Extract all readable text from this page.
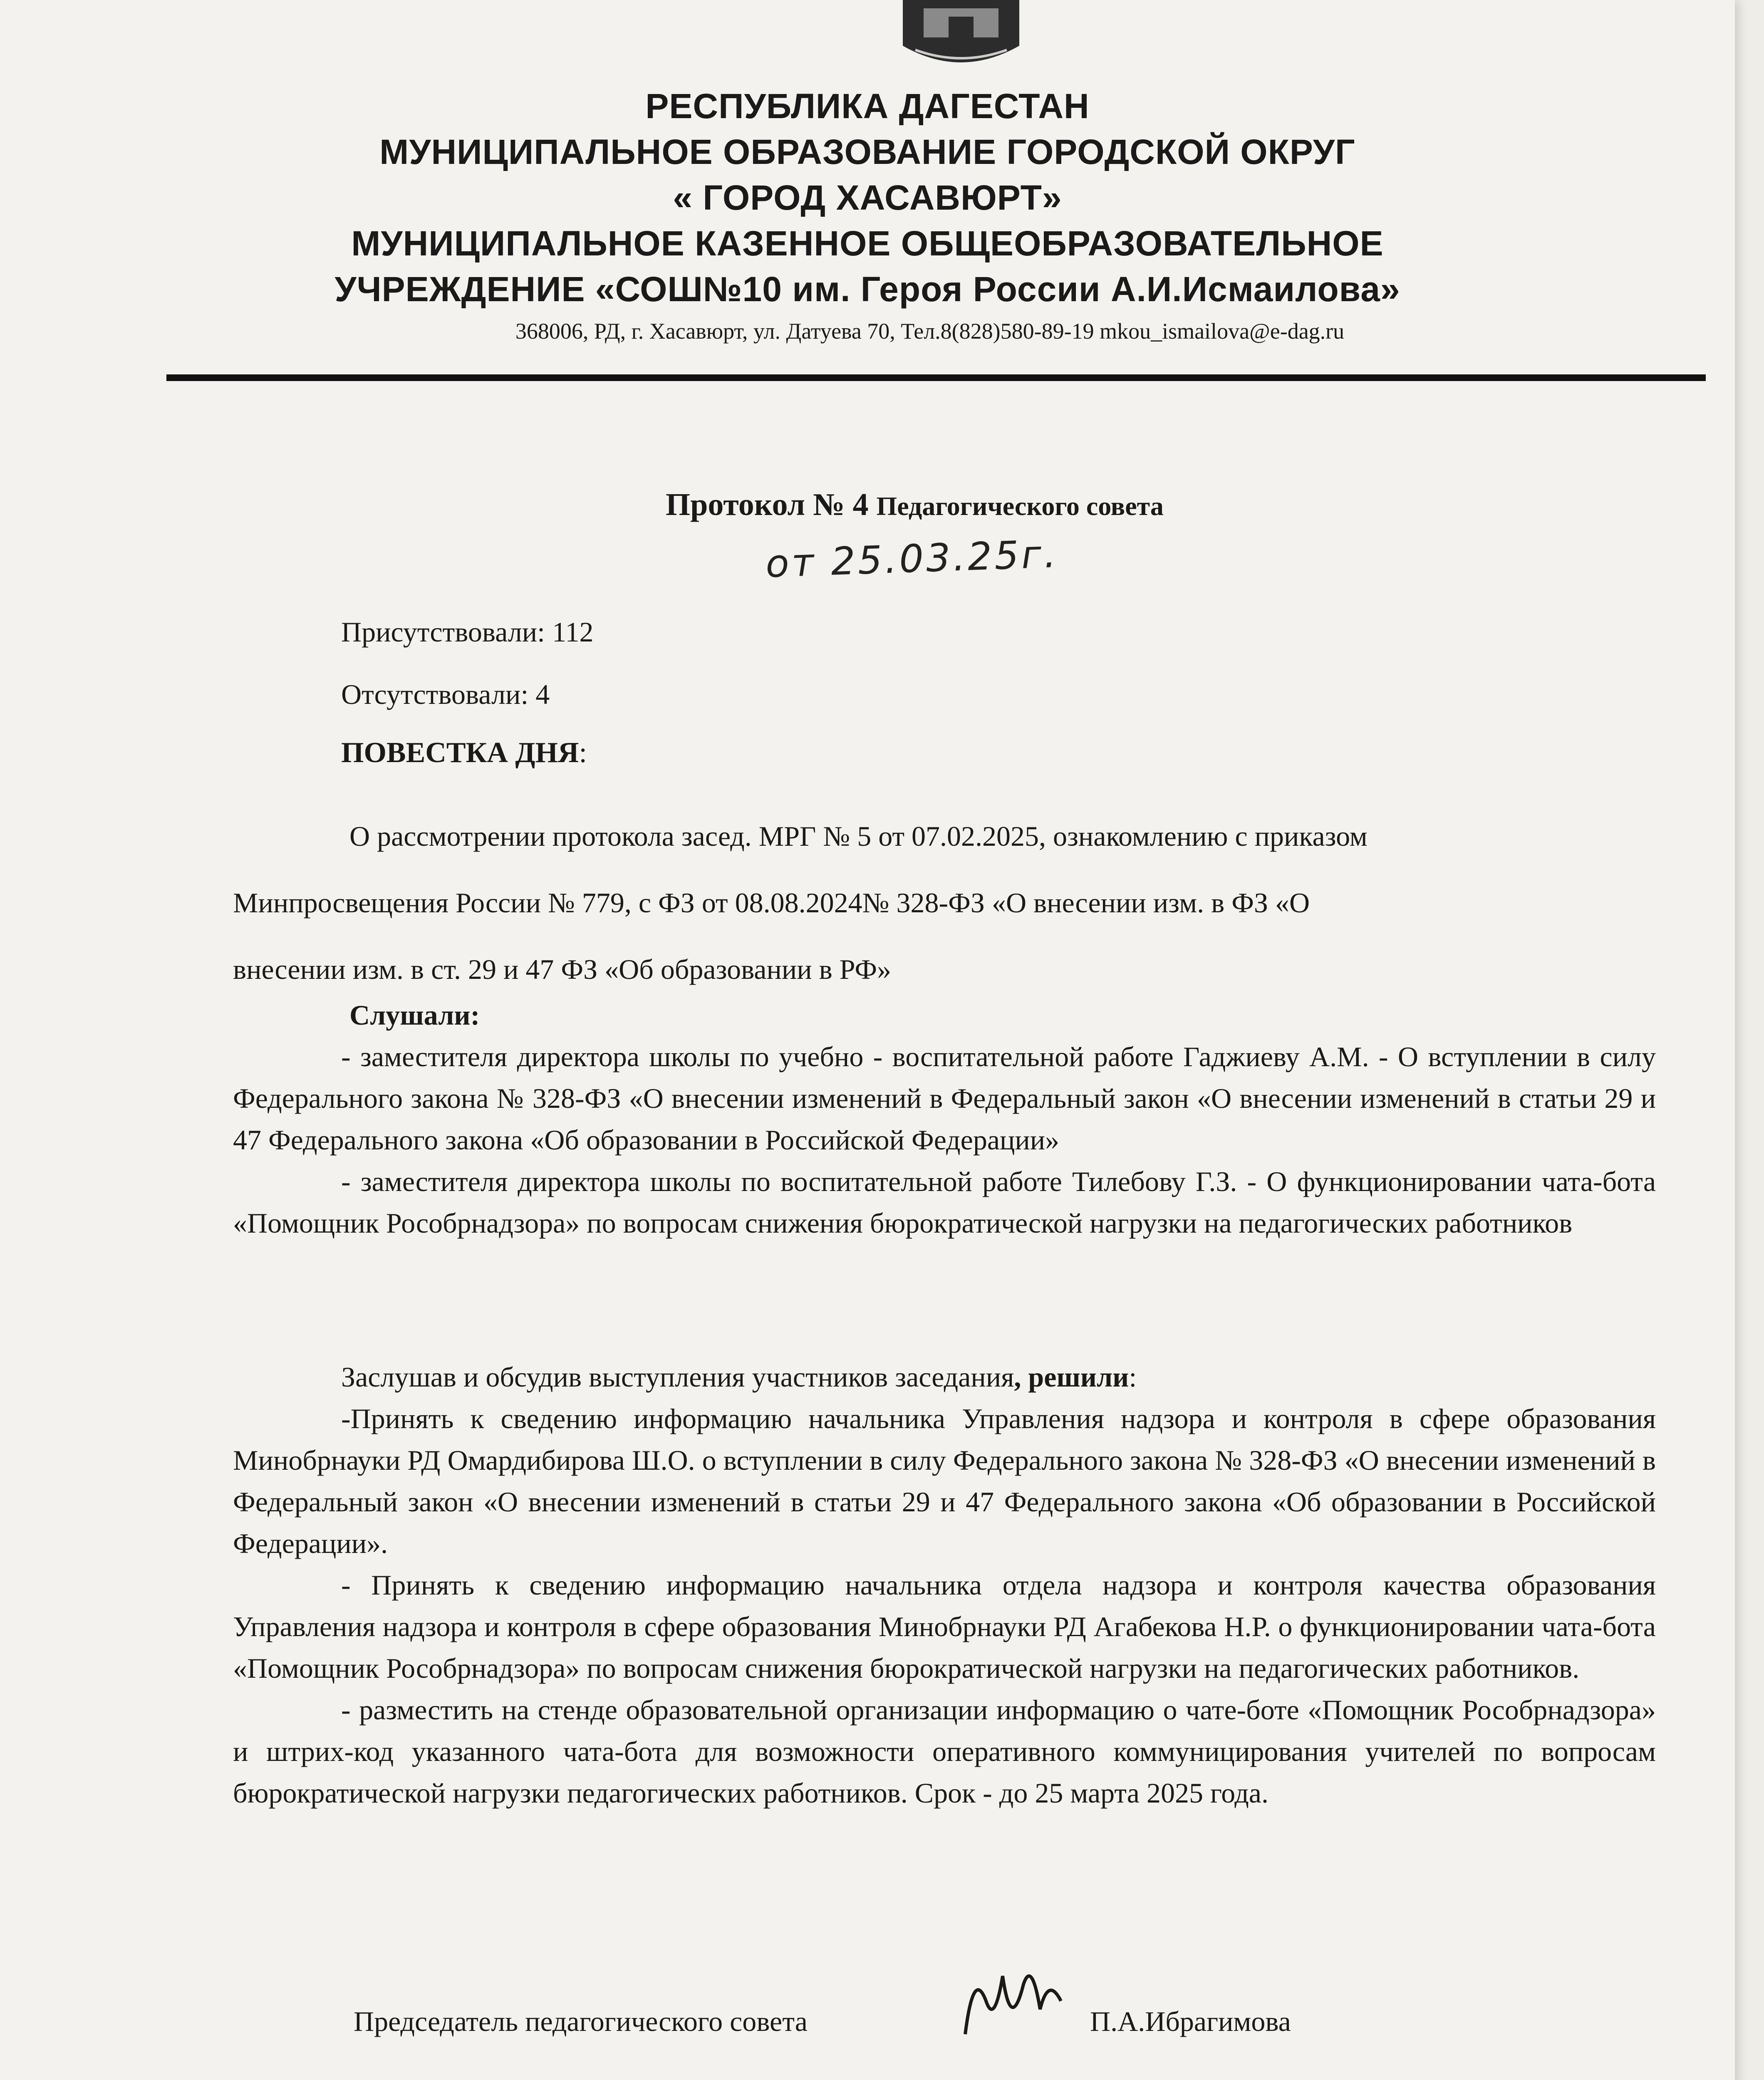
РЕСПУБЛИКА ДАГЕСТАН
МУНИЦИПАЛЬНОЕ ОБРАЗОВАНИЕ ГОРОДСКОЙ ОКРУГ
« ГОРОД ХАСАВЮРТ»
МУНИЦИПАЛЬНОЕ КАЗЕННОЕ ОБЩЕОБРАЗОВАТЕЛЬНОЕ
УЧРЕЖДЕНИЕ «СОШ№10 им. Героя России А.И.Исмаилова»
368006, РД, г. Хасавюрт, ул. Датуева 70, Тел.8(828)580-89-19 mkou_ismailova@e-dag.ru
Протокол № 4 Педагогического совета
от 25.03.25г.
Присутствовали: 112
Отсутствовали: 4
ПОВЕСТКА ДНЯ:
О рассмотрении протокола засед. МРГ № 5 от 07.02.2025, ознакомлению с приказом
Минпросвещения России № 779, с ФЗ от 08.08.2024№ 328-ФЗ «О внесении изм. в ФЗ «О
внесении изм. в ст. 29 и 47 ФЗ «Об образовании в РФ»

Слушали:

- заместителя директора школы по учебно - воспитательной работе Гаджиеву А.М. - О вступлении в силу Федерального закона № 328-ФЗ «О внесении изменений в Федеральный закон «О внесении изменений в статьи 29 и 47 Федерального закона «Об образовании в Российской Федерации»

- заместителя директора школы по воспитательной работе Тилебову Г.З. - О функционировании чата-бота «Помощник Рособрнадзора» по вопросам снижения бюрократической нагрузки на педагогических работников

Заслушав и обсудив выступления участников заседания, решили:

-Принять к сведению информацию начальника Управления надзора и контроля в сфере образования Минобрнауки РД Омардибирова Ш.О. о вступлении в силу Федерального закона № 328-ФЗ «О внесении изменений в Федеральный закон «О внесении изменений в статьи 29 и 47 Федерального закона «Об образовании в Российской Федерации».

- Принять к сведению информацию начальника отдела надзора и контроля качества образования Управления надзора и контроля в сфере образования Минобрнауки РД Агабекова Н.Р. о функционировании чата-бота «Помощник Рособрнадзора» по вопросам снижения бюрократической нагрузки на педагогических работников.

- разместить на стенде образовательной организации информацию о чате-боте «Помощник Рособрнадзора» и штрих-код указанного чата-бота для возможности оперативного коммуницирования учителей по вопросам бюрократической нагрузки педагогических работников. Срок - до 25 марта 2025 года.

Председатель педагогического совета	П.А.Ибрагимова
